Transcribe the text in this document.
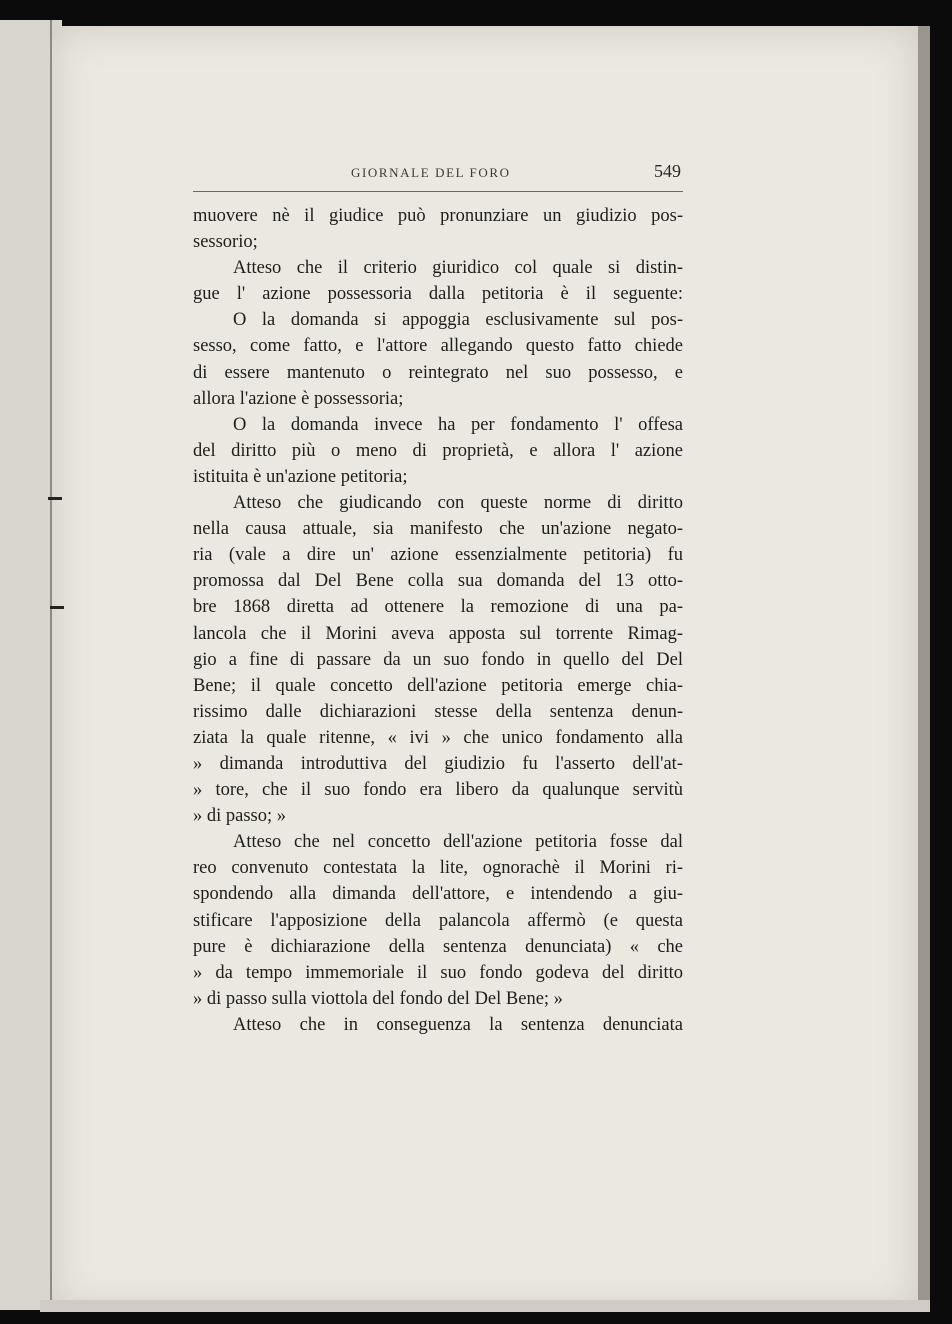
GIORNALE DEL FORO	549
muovere nè il giudice può pronunziare un giudizio pos-
sessorio;
Atteso che il criterio giuridico col quale si distin-
gue l' azione possessoria dalla petitoria è il seguente:
O la domanda si appoggia esclusivamente sul pos-
sesso, come fatto, e l'attore allegando questo fatto chiede
di essere mantenuto o reintegrato nel suo possesso, e
allora l'azione è possessoria;
O la domanda invece ha per fondamento l' offesa
del diritto più o meno di proprietà, e allora l' azione
istituita è un'azione petitoria;
Atteso che giudicando con queste norme di diritto
nella causa attuale, sia manifesto che un'azione negato-
ria (vale a dire un' azione essenzialmente petitoria) fu
promossa dal Del Bene colla sua domanda del 13 otto-
bre 1868 diretta ad ottenere la remozione di una pa-
lancola che il Morini aveva apposta sul torrente Rimag-
gio a fine di passare da un suo fondo in quello del Del
Bene; il quale concetto dell'azione petitoria emerge chia-
rissimo dalle dichiarazioni stesse della sentenza denun-
ziata la quale ritenne, « ivi » che unico fondamento alla
» dimanda introduttiva del giudizio fu l'asserto dell'at-
» tore, che il suo fondo era libero da qualunque servitù
» di passo; »
Atteso che nel concetto dell'azione petitoria fosse dal
reo convenuto contestata la lite, ognorachè il Morini ri-
spondendo alla dimanda dell'attore, e intendendo a giu-
stificare l'apposizione della palancola affermò (e questa
pure è dichiarazione della sentenza denunciata) « che
» da tempo immemoriale il suo fondo godeva del diritto
» di passo sulla viottola del fondo del Del Bene; »
Atteso che in conseguenza la sentenza denunciata
